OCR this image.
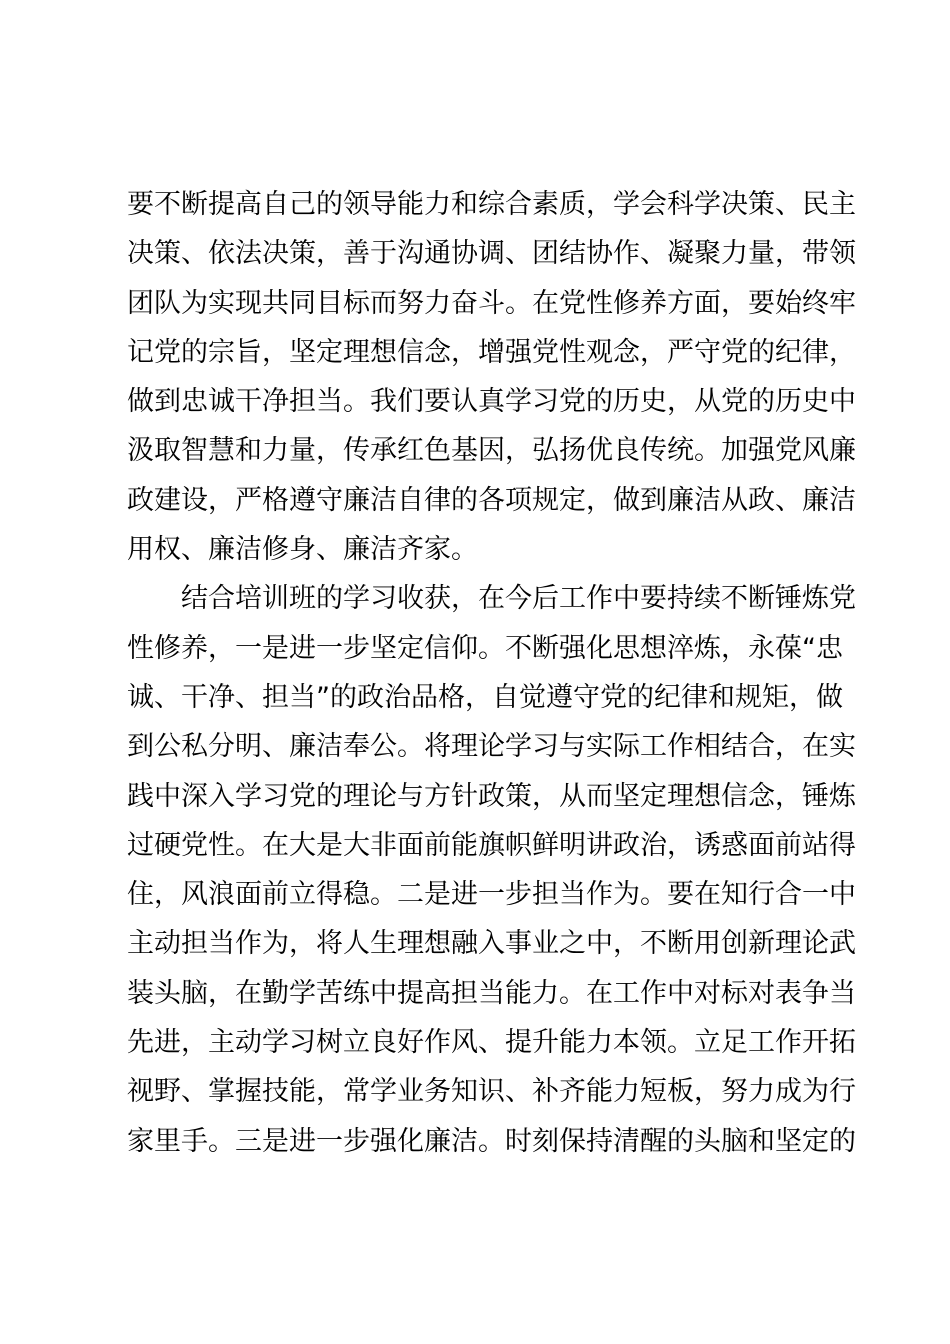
要不断提高自己的领导能力和综合素质，学会科学决策、民主
决策、依法决策，善于沟通协调、团结协作、凝聚力量，带领
团队为实现共同目标而努力奋斗。在党性修养方面，要始终牢
记党的宗旨，坚定理想信念，增强党性观念，严守党的纪律，
做到忠诚干净担当。我们要认真学习党的历史，从党的历史中
汲取智慧和力量，传承红色基因，弘扬优良传统。加强党风廉
政建设，严格遵守廉洁自律的各项规定，做到廉洁从政、廉洁
用权、廉洁修身、廉洁齐家。
　　结合培训班的学习收获，在今后工作中要持续不断锤炼党
性修养，一是进一步坚定信仰。不断强化思想淬炼，永葆“忠
诚、干净、担当”的政治品格，自觉遵守党的纪律和规矩，做
到公私分明、廉洁奉公。将理论学习与实际工作相结合，在实
践中深入学习党的理论与方针政策，从而坚定理想信念，锤炼
过硬党性。在大是大非面前能旗帜鲜明讲政治，诱惑面前站得
住，风浪面前立得稳。二是进一步担当作为。要在知行合一中
主动担当作为，将人生理想融入事业之中，不断用创新理论武
装头脑，在勤学苦练中提高担当能力。在工作中对标对表争当
先进，主动学习树立良好作风、提升能力本领。立足工作开拓
视野、掌握技能，常学业务知识、补齐能力短板，努力成为行
家里手。三是进一步强化廉洁。时刻保持清醒的头脑和坚定的
